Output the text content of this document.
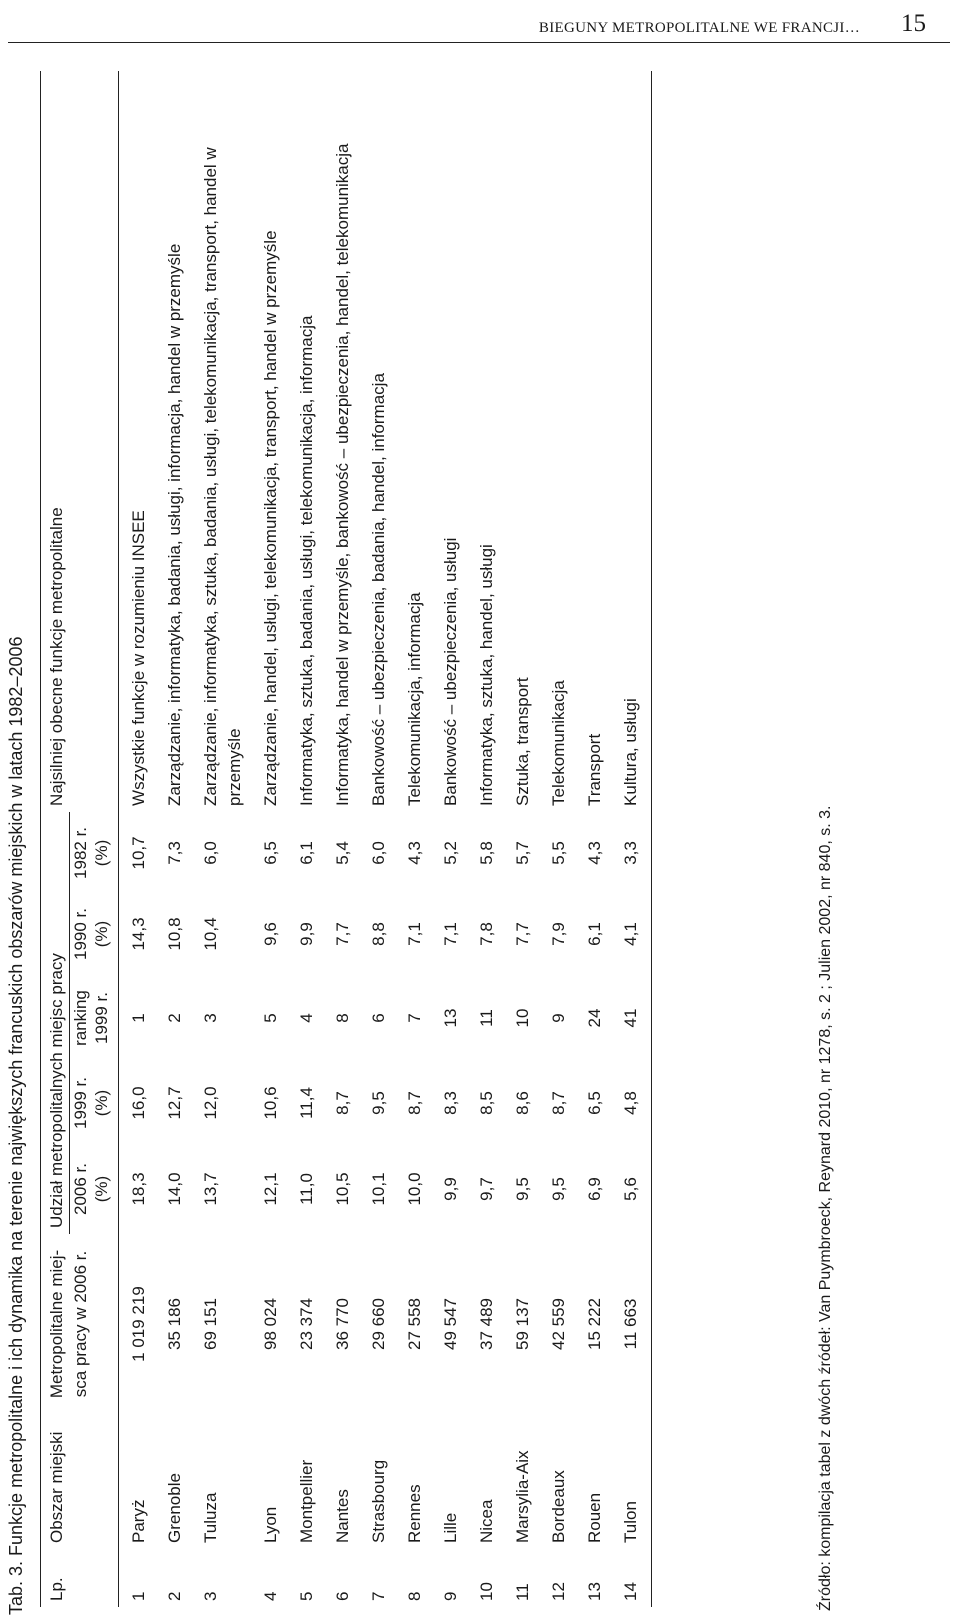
BIEGUNY METROPOLITALNE WE FRANCJI… 15
Tab. 3. Funkcje metropolitalne i ich dynamika na terenie największych francuskich obszarów miejskich w latach 1982–2006 Lp.	Obszar miejski	Metropolitalne miej-	Udział metropolitalnych miejsc pracy					Najsilniej obecne funkcje metropolitalne
		sca pracy w 2006 r.	2006 r. (%)	1999 r. (%)	ranking 1999 r.	1990 r. (%)	1982 r. (%)	
1	Paryż	1 019 219	18,3	16,0	1	14,3	10,7	Wszystkie funkcje w rozumieniu INSEE
2	Grenoble	35 186	14,0	12,7	2	10,8	7,3	Zarządzanie, informatyka, badania, usługi, informacja, handel w przemyśle
3	Tuluza	69 151	13,7	12,0	3	10,4	6,0	Zarządzanie, informatyka, sztuka, badania, usługi, telekomunikacja, transport, handel w przemyśle
4	Lyon	98 024	12,1	10,6	5	9,6	6,5	Zarządzanie, handel, usługi, telekomunikacja, transport, handel w przemyśle
5	Montpellier	23 374	11,0	11,4	4	9,9	6,1	Informatyka, sztuka, badania, usługi, telekomunikacja, informacja
6	Nantes	36 770	10,5	8,7	8	7,7	5,4	Informatyka, handel w przemyśle, bankowość – ubezpieczenia, handel, telekomunikacja
7	Strasbourg	29 660	10,1	9,5	6	8,8	6,0	Bankowość – ubezpieczenia, badania, handel, informacja
8	Rennes	27 558	10,0	8,7	7	7,1	4,3	Telekomunikacja, informacja
9	Lille	49 547	9,9	8,3	13	7,1	5,2	Bankowość – ubezpieczenia, usługi
10	Nicea	37 489	9,7	8,5	11	7,8	5,8	Informatyka, sztuka, handel, usługi
11	Marsylia-Aix	59 137	9,5	8,6	10	7,7	5,7	Sztuka, transport
12	Bordeaux	42 559	9,5	8,7	9	7,9	5,5	Telekomunikacja
13	Rouen	15 222	6,9	6,5	24	6,1	4,3	Transport
14	Tulon	11 663	5,6	4,8	41	4,1	3,3	Kultura, usługi
Źródło: kompilacja tabel z dwóch źródeł: Van Puymbroeck, Reynard 2010, nr 1278, s. 2 ; Julien 2002, nr 840, s. 3.
